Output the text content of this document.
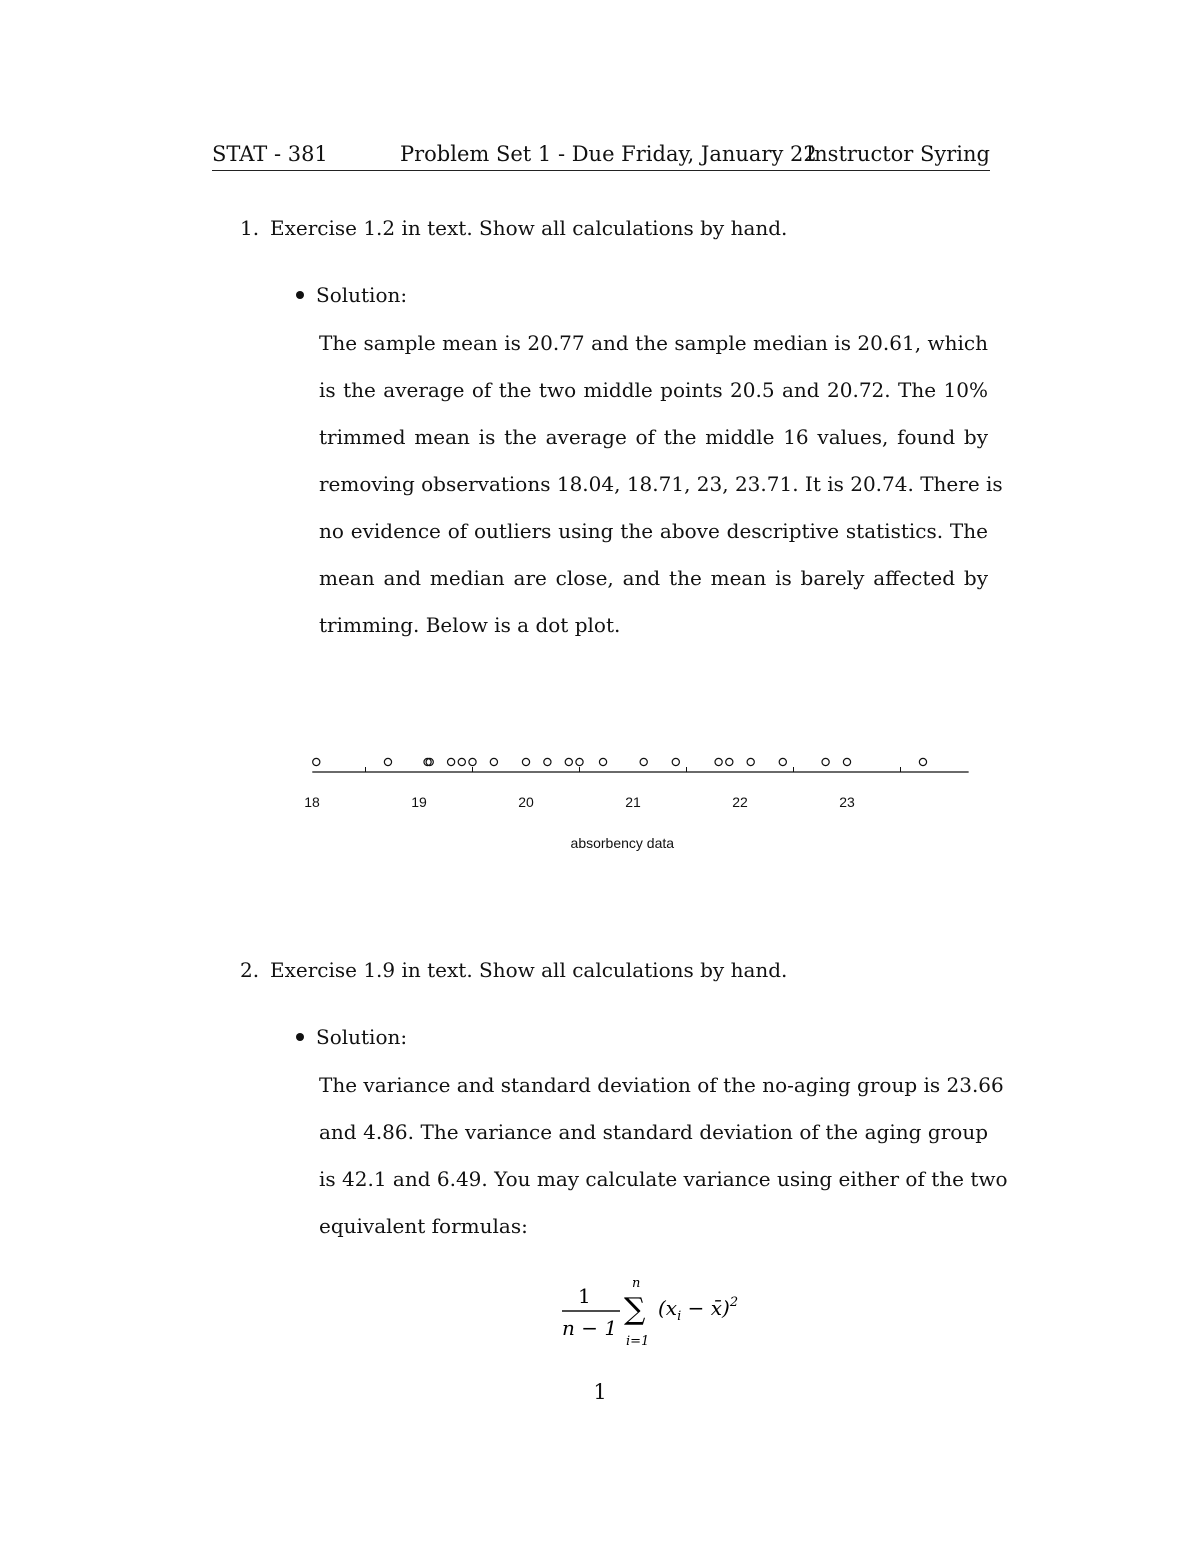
STAT - 381	Problem Set 1 - Due Friday, January 22
Instructor Syring
1. Exercise 1.2 in text. Show all calculations by hand.
Solution:
The sample mean is 20.77 and the sample median is 20.61, which
is the average of the two middle points 20.5 and 20.72. The 10%
trimmed mean is the average of the middle 16 values, found by
removing observations 18.04, 18.71, 23, 23.71. It is 20.74. There is
no evidence of outliers using the above descriptive statistics. The
mean and median are close, and the mean is barely affected by
trimming. Below is a dot plot.
18	19	20	21	22	23
absorbency data
2. Exercise 1.9 in text. Show all calculations by hand.
Solution:
The variance and standard deviation of the no-aging group is 23.66
and 4.86. The variance and standard deviation of the aging group
is 42.1 and 6.49. You may calculate variance using either of the two
equivalent formulas:
1
n − 1
n
∑
i=1
($x_i$ − x̄)$^2$
1
